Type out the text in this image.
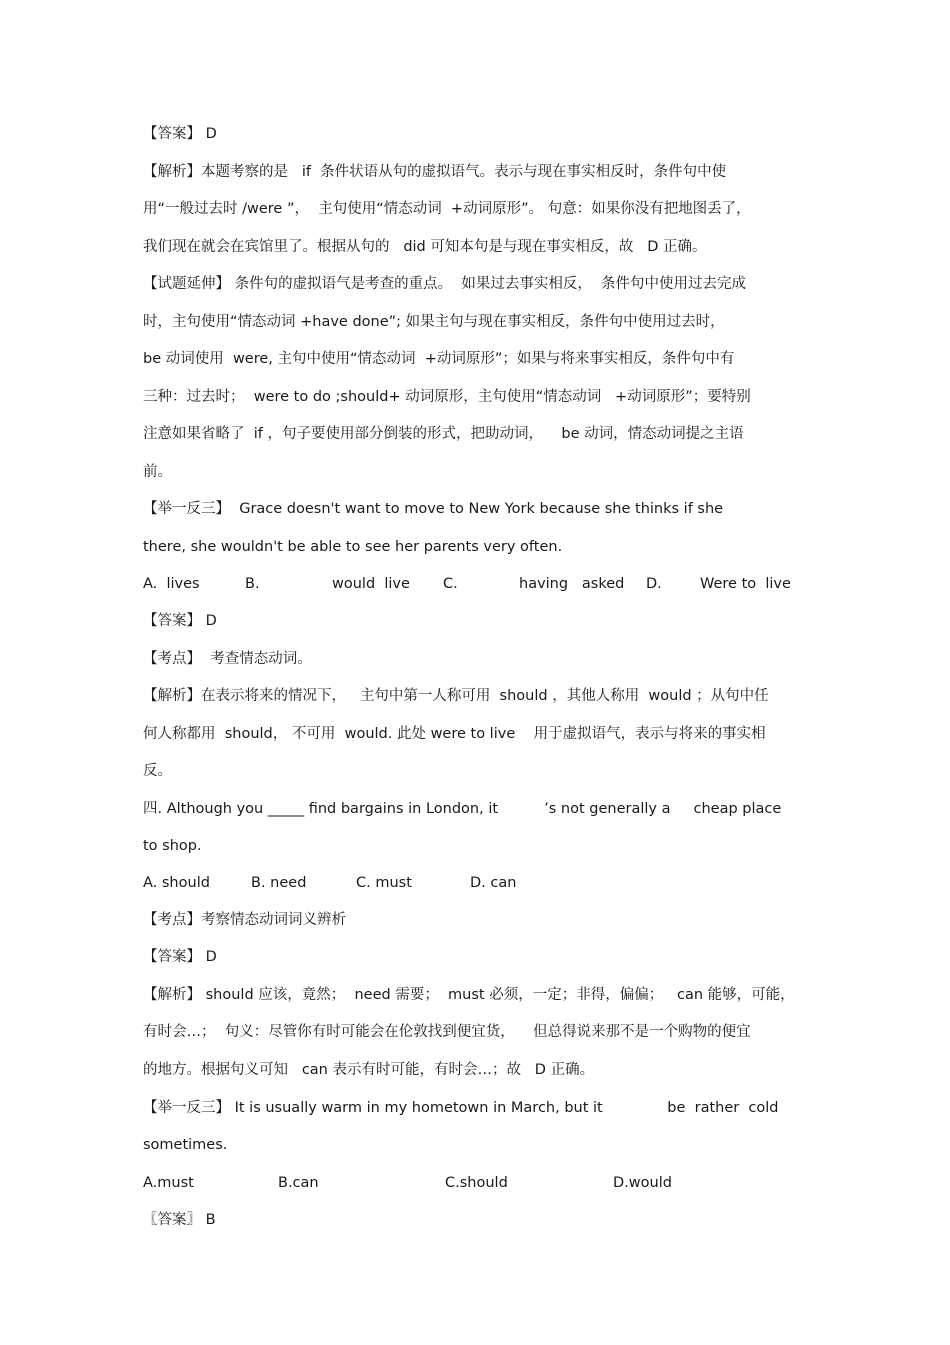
【答案】 D
【解析】本题考察的是   if  条件状语从句的虚拟语气。表示与现在事实相反时，条件句中使
用“一般过去时 /were ”，  主句使用“情态动词  +动词原形”。 句意：如果你没有把地图丢了，
我们现在就会在宾馆里了。根据从句的   did 可知本句是与现在事实相反，故   D 正确。
【试题延伸】 条件句的虚拟语气是考查的重点。  如果过去事实相反，  条件句中使用过去完成
时，主句使用“情态动词 +have done”; 如果主句与现在事实相反，条件句中使用过去时，
be 动词使用  were, 主句中使用“情态动词  +动词原形”；如果与将来事实相反，条件句中有
三种：过去时；  were to do ;should+ 动词原形，主句使用“情态动词   +动词原形”；要特别
注意如果省略了  if ，句子要使用部分倒装的形式，把助动词，    be 动词，情态动词提之主语
前。
【举一反三】  Grace doesn't want to move to New York because she thinks if she
there, she wouldn't be able to see her parents very often.
A.  lives	B.	would  live C.	having   asked D.	Were to  live
【答案】 D
【考点】  考查情态动词。
【解析】在表示将来的情况下，   主句中第一人称可用  should ，其他人称用  would ；从句中任
何人称都用  should， 不可用  would. 此处 were to live    用于虚拟语气，表示与将来的事实相
反。
四. Although you _____ find bargains in London, it          ’s not generally a     cheap place
to shop.
A. should	B. need	C. must	D. can
【考点】考察情态动词词义辨析
【答案】 D
【解析】 should 应该，竟然；  need 需要；  must 必须，一定；非得，偏偏；   can 能够，可能，
有时会…；  句义：尽管你有时可能会在伦敦找到便宜货，    但总得说来那不是一个购物的便宜
的地方。根据句义可知   can 表示有时可能，有时会…；故   D 正确。
【举一反三】 It is usually warm in my hometown in March, but it              be  rather  cold
sometimes.
A.must	B.can	C.should	D.would
〖答案〗 B
